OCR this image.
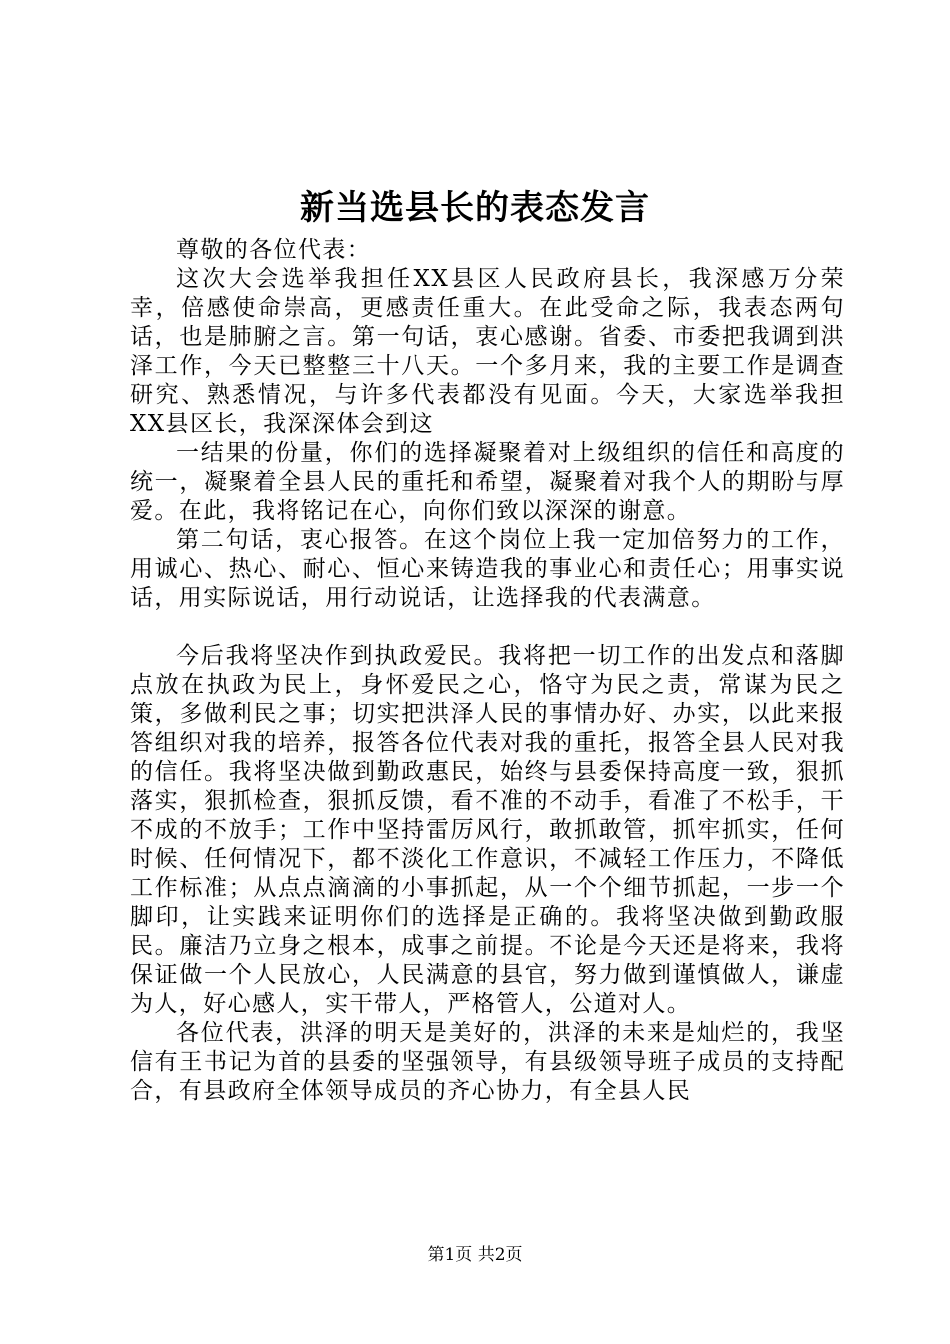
新当选县长的表态发言

尊敬的各位代表：

这次大会选举我担任XX县区人民政府县长，我深感万分荣幸，倍感使命崇高，更感责任重大。在此受命之际，我表态两句话，也是肺腑之言。第一句话，衷心感谢。省委、市委把我调到洪泽工作，今天已整整三十八天。一个多月来，我的主要工作是调查研究、熟悉情况，与许多代表都没有见面。今天，大家选举我担XX县区长，我深深体会到这

一结果的份量，你们的选择凝聚着对上级组织的信任和高度的统一，凝聚着全县人民的重托和希望，凝聚着对我个人的期盼与厚爱。在此，我将铭记在心，向你们致以深深的谢意。

第二句话，衷心报答。在这个岗位上我一定加倍努力的工作，用诚心、热心、耐心、恒心来铸造我的事业心和责任心；用事实说话，用实际说话，用行动说话，让选择我的代表满意。

今后我将坚决作到执政爱民。我将把一切工作的出发点和落脚点放在执政为民上，身怀爱民之心，恪守为民之责，常谋为民之策，多做利民之事；切实把洪泽人民的事情办好、办实，以此来报答组织对我的培养，报答各位代表对我的重托，报答全县人民对我的信任。我将坚决做到勤政惠民，始终与县委保持高度一致，狠抓落实，狠抓检查，狠抓反馈，看不准的不动手，看准了不松手，干不成的不放手；工作中坚持雷厉风行，敢抓敢管，抓牢抓实，任何时候、任何情况下，都不淡化工作意识，不减轻工作压力，不降低工作标准；从点点滴滴的小事抓起，从一个个细节抓起，一步一个脚印，让实践来证明你们的选择是正确的。我将坚决做到勤政服民。廉洁乃立身之根本，成事之前提。不论是今天还是将来，我将保证做一个人民放心，人民满意的县官，努力做到谨慎做人，谦虚为人，好心感人，实干带人，严格管人，公道对人。

各位代表，洪泽的明天是美好的，洪泽的未来是灿烂的，我坚信有王书记为首的县委的坚强领导，有县级领导班子成员的支持配合，有县政府全体领导成员的齐心协力，有全县人民

第1页 共2页
